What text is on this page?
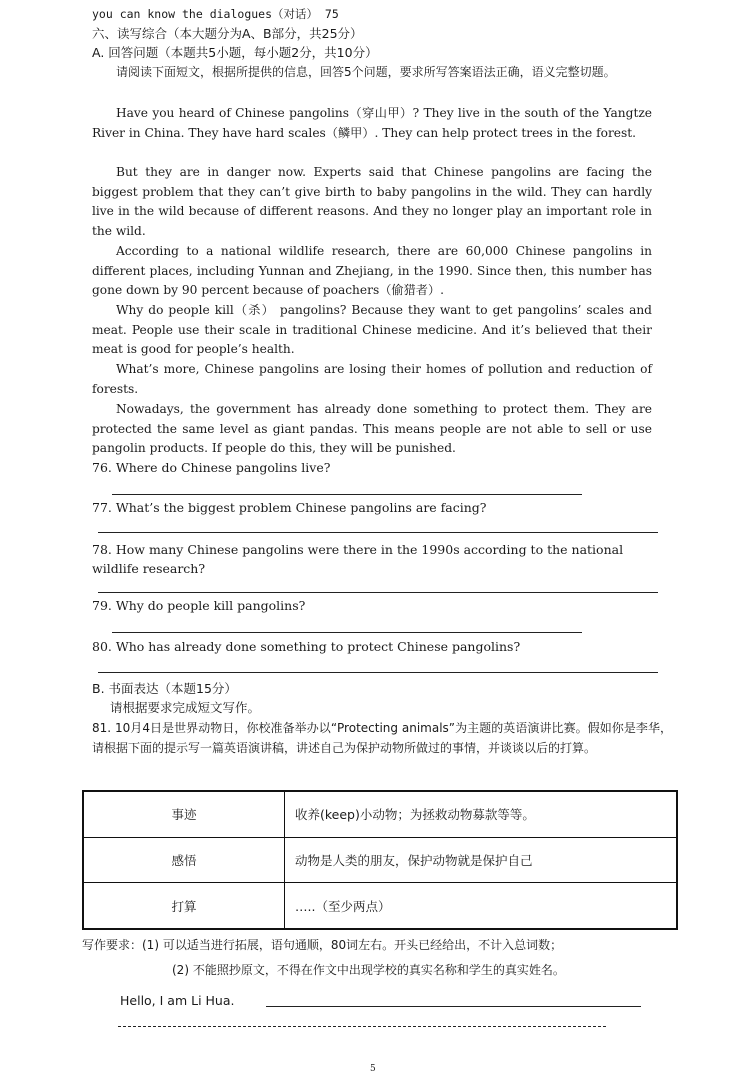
you can know the dialogues（对话） 75
六、读写综合（本大题分为A、B部分，共25分）
A. 回答问题（本题共5小题，每小题2分，共10分）
请阅读下面短文，根据所提供的信息，回答5个问题，要求所写答案语法正确，语义完整切题。
Have you heard of Chinese pangolins（穿山甲）? They live in the south of the Yangtze River in China. They have hard scales（鳞甲）. They can help protect trees in the forest.
But they are in danger now. Experts said that Chinese pangolins are facing the biggest problem that they can’t give birth to baby pangolins in the wild. They can hardly live in the wild because of different reasons. And they no longer play an important role in the wild.
According to a national wildlife research, there are 60,000 Chinese pangolins in different places, including Yunnan and Zhejiang, in the 1990. Since then, this number has gone down by 90 percent because of poachers（偷猎者）.
Why do people kill（杀） pangolins? Because they want to get pangolins’ scales and meat. People use their scale in traditional Chinese medicine. And it’s believed that their meat is good for people’s health.
What’s more, Chinese pangolins are losing their homes of pollution and reduction of forests.
Nowadays, the government has already done something to protect them. They are protected the same level as giant pandas. This means people are not able to sell or use pangolin products. If people do this, they will be punished.
76. Where do Chinese pangolins live?
77. What’s the biggest problem Chinese pangolins are facing?
78. How many Chinese pangolins were there in the 1990s according to the national wildlife research?
79. Why do people kill pangolins?
80. Who has already done something to protect Chinese pangolins?
B. 书面表达（本题15分）
请根据要求完成短文写作。
81. 10月4日是世界动物日，你校准备举办以“Protecting animals”为主题的英语演讲比赛。假如你是李华，请根据下面的提示写一篇英语演讲稿，讲述自己为保护动物所做过的事情，并谈谈以后的打算。
事迹	收养(keep)小动物；为拯救动物募款等等。
感悟	动物是人类的朋友，保护动物就是保护自己
打算	…..（至少两点）
写作要求：(1) 可以适当进行拓展，语句通顺，80词左右。开头已经给出，不计入总词数；
(2) 不能照抄原文，不得在作文中出现学校的真实名称和学生的真实姓名。
Hello, I am Li Hua.
5
